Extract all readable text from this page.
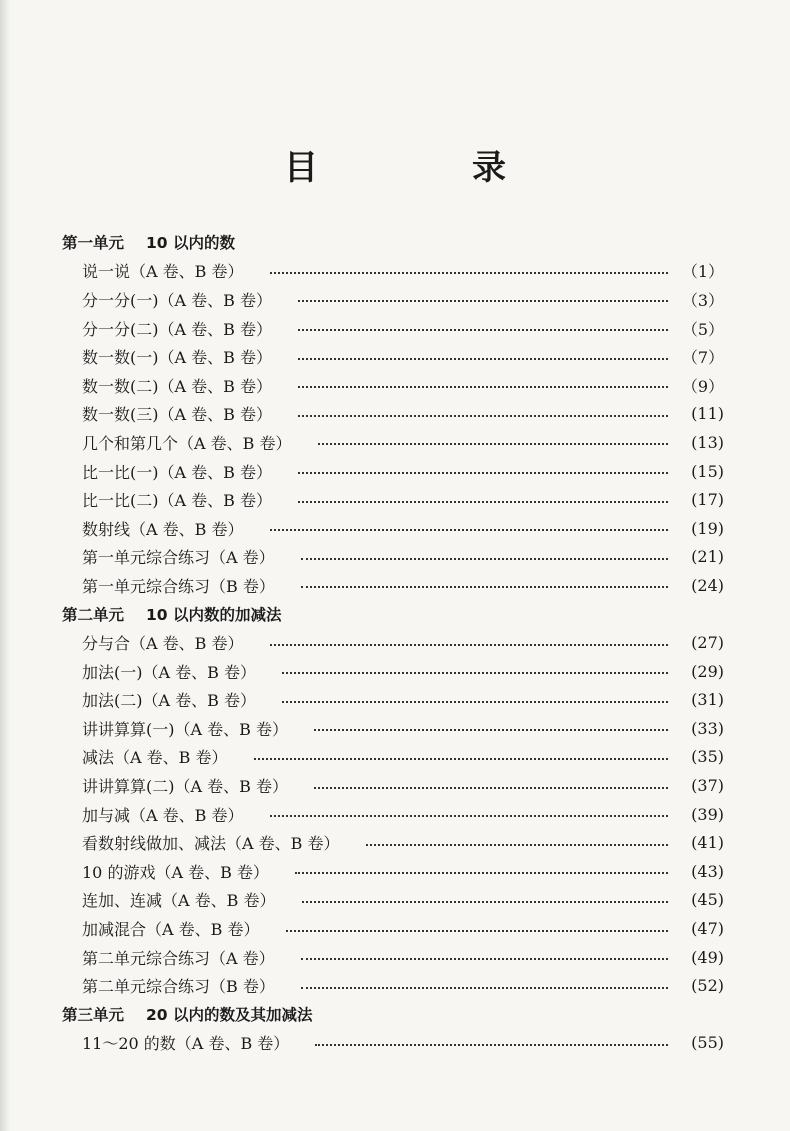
目　录
第一单元 10 以内的数
说一说（A 卷、B 卷）	（1）
分一分(一)（A 卷、B 卷）	（3）
分一分(二)（A 卷、B 卷）	（5）
数一数(一)（A 卷、B 卷）	（7）
数一数(二)（A 卷、B 卷）	（9）
数一数(三)（A 卷、B 卷）	(11)
几个和第几个（A 卷、B 卷）	(13)
比一比(一)（A 卷、B 卷）	(15)
比一比(二)（A 卷、B 卷）	(17)
数射线（A 卷、B 卷）	(19)
第一单元综合练习（A 卷）	(21)
第一单元综合练习（B 卷）	(24)
第二单元 10 以内数的加减法
分与合（A 卷、B 卷）	(27)
加法(一)（A 卷、B 卷）	(29)
加法(二)（A 卷、B 卷）	(31)
讲讲算算(一)（A 卷、B 卷）	(33)
减法（A 卷、B 卷）	(35)
讲讲算算(二)（A 卷、B 卷）	(37)
加与减（A 卷、B 卷）	(39)
看数射线做加、减法（A 卷、B 卷）	(41)
10 的游戏（A 卷、B 卷）	(43)
连加、连减（A 卷、B 卷）	(45)
加减混合（A 卷、B 卷）	(47)
第二单元综合练习（A 卷）	(49)
第二单元综合练习（B 卷）	(52)
第三单元 20 以内的数及其加减法
11～20 的数（A 卷、B 卷）	(55)
